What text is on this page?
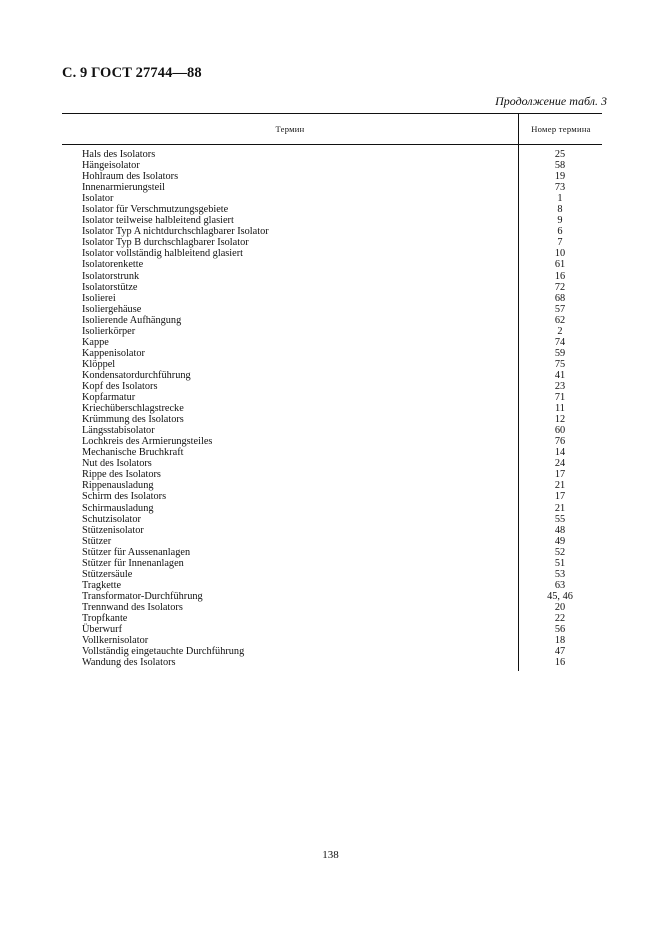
С. 9 ГОСТ 27744—88
Продолжение табл. 3
Термин	Номер термина
Hals des Isolators	25
Hängeisolator	58
Hohlraum des Isolators	19
Innenarmierungsteil	73
Isolator	1
Isolator für Verschmutzungsgebiete	8
Isolator teilweise halbleitend glasiert	9
Isolator Typ A nichtdurchschlagbarer Isolator	6
Isolator Typ B durchschlagbarer Isolator	7
Isolator vollständig halbleitend glasiert	10
Isolatorenkette	61
Isolatorstrunk	16
Isolatorstütze	72
Isolierei	68
Isoliergehäuse	57
Isolierende Aufhängung	62
Isolierkörper	2
Kappe	74
Kappenisolator	59
Klöppel	75
Kondensatordurchführung	41
Kopf des Isolators	23
Kopfarmatur	71
Kriechüberschlagstrecke	11
Krümmung des Isolators	12
Längsstabisolator	60
Lochkreis des Armierungsteiles	76
Mechanische Bruchkraft	14
Nut des Isolators	24
Rippe des Isolators	17
Rippenausladung	21
Schirm des Isolators	17
Schirmausladung	21
Schutzisolator	55
Stützenisolator	48
Stützer	49
Stützer für Aussenanlagen	52
Stützer für Innenanlagen	51
Stützersäule	53
Tragkette	63
Transformator-Durchführung	45, 46
Trennwand des Isolators	20
Tropfkante	22
Überwurf	56
Vollkernisolator	18
Vollständig eingetauchte Durchführung	47
Wandung des Isolators	16
138
